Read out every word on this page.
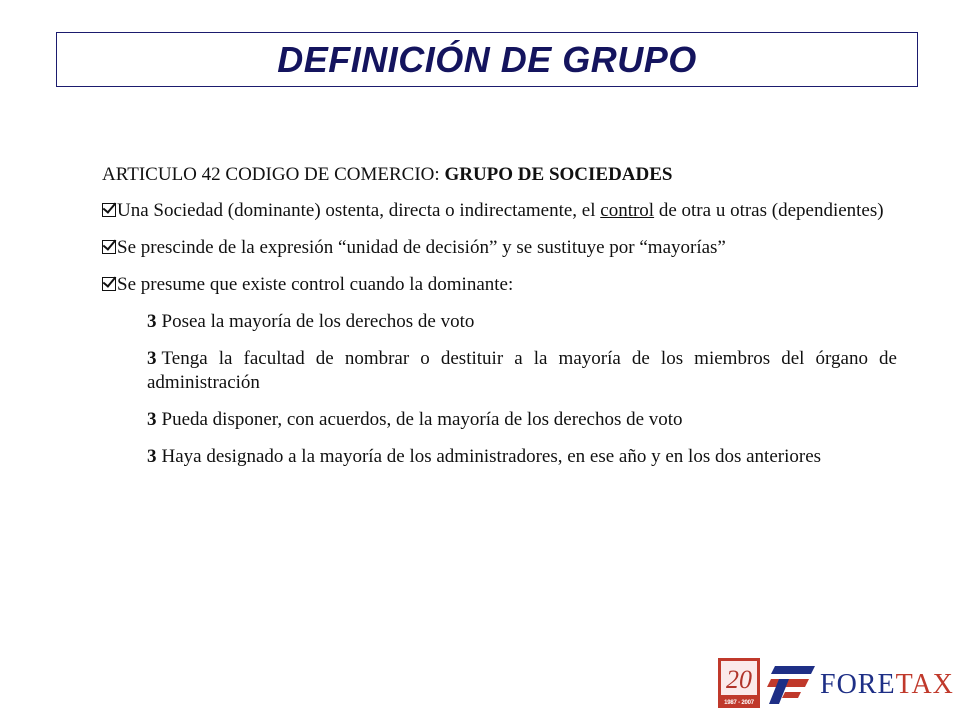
DEFINICIÓN DE GRUPO

ARTICULO 42 CODIGO DE COMERCIO: GRUPO DE SOCIEDADES

Una Sociedad (dominante) ostenta, directa o indirectamente, el control de otra u otras (dependientes)

Se prescinde de la expresión “unidad de decisión” y se sustituye por “mayorías”

Se presume que existe control cuando la dominante:

3 Posea la mayoría de los derechos de voto

3 Tenga la facultad de nombrar o destituir a la mayoría de los miembros del órgano de administración

3 Pueda disponer, con acuerdos, de la mayoría de los derechos de voto

3 Haya designado a la mayoría de los administradores, en ese año y en los dos anteriores

20
1987 - 2007
FORETAX
